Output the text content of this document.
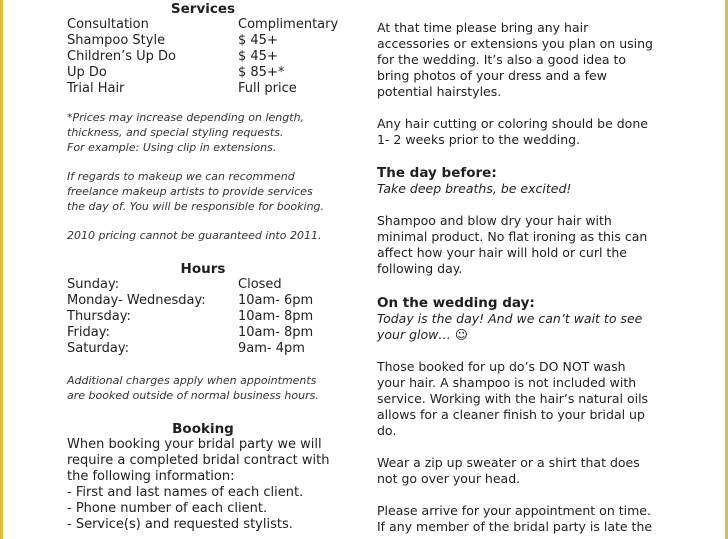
Services
Consultation	Complimentary
Shampoo Style	$ 45+
Children’s Up Do	$ 45+
Up Do	$ 85+*
Trial Hair	Full price
*Prices may increase depending on length,
thickness, and special styling requests.
For example: Using clip in extensions.
If regards to makeup we can recommend
freelance makeup artists to provide services
the day of. You will be responsible for booking.
2010 pricing cannot be guaranteed into 2011.
Hours
Sunday:	Closed
Monday- Wednesday: 10am- 6pm
Thursday:	10am- 8pm
Friday:	10am- 8pm
Saturday:	9am- 4pm
Additional charges apply when appointments
are booked outside of normal business hours.
Booking
When booking your bridal party we will
require a completed bridal contract with
the following information:
- First and last names of each client.
- Phone number of each client.
- Service(s) and requested stylists.
At that time please bring any hair
accessories or extensions you plan on using
for the wedding. It’s also a good idea to
bring photos of your dress and a few
potential hairstyles.
Any hair cutting or coloring should be done
1- 2 weeks prior to the wedding.
The day before:
Take deep breaths, be excited!
Shampoo and blow dry your hair with
minimal product. No flat ironing as this can
affect how your hair will hold or curl the
following day.
On the wedding day:
Today is the day! And we can’t wait to see
your glow… ☺
Those booked for up do’s DO NOT wash
your hair. A shampoo is not included with
service. Working with the hair’s natural oils
allows for a cleaner finish to your bridal up
do.
Wear a zip up sweater or a shirt that does
not go over your head.
Please arrive for your appointment on time.
If any member of the bridal party is late the
